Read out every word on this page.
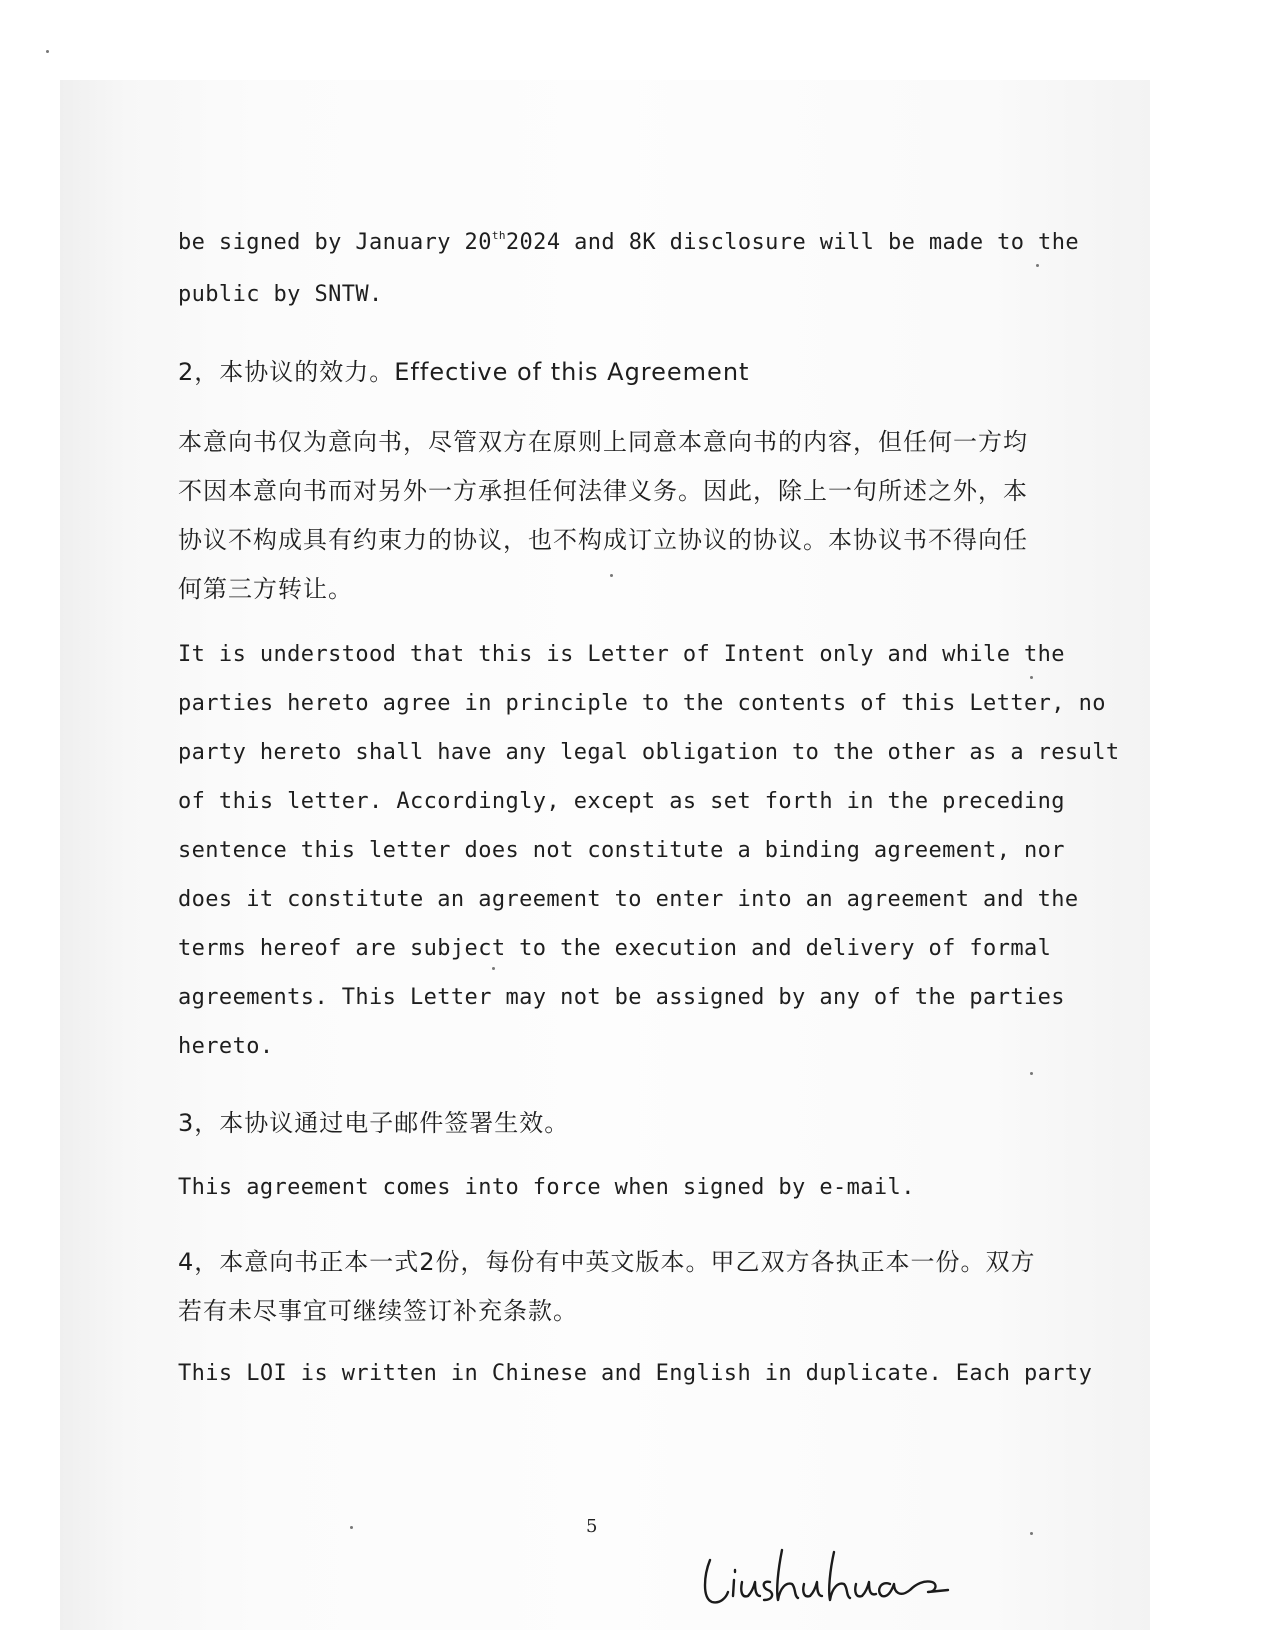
be signed by January 20th2024 and 8K disclosure will be made to the
public by SNTW.
2，本协议的效力。Effective of this Agreement
本意向书仅为意向书，尽管双方在原则上同意本意向书的内容，但任何一方均
不因本意向书而对另外一方承担任何法律义务。因此，除上一句所述之外，本
协议不构成具有约束力的协议，也不构成订立协议的协议。本协议书不得向任
何第三方转让。
It is understood that this is Letter of Intent only and while the
parties hereto agree in principle to the contents of this Letter, no
party hereto shall have any legal obligation to the other as a result
of this letter. Accordingly, except as set forth in the preceding
sentence this letter does not constitute a binding agreement, nor
does it constitute an agreement to enter into an agreement and the
terms hereof are subject to the execution and delivery of formal
agreements. This Letter may not be assigned by any of the parties
hereto.
3，本协议通过电子邮件签署生效。
This agreement comes into force when signed by e-mail.
4，本意向书正本一式2份，每份有中英文版本。甲乙双方各执正本一份。双方
若有未尽事宜可继续签订补充条款。
This LOI is written in Chinese and English in duplicate. Each party
5
